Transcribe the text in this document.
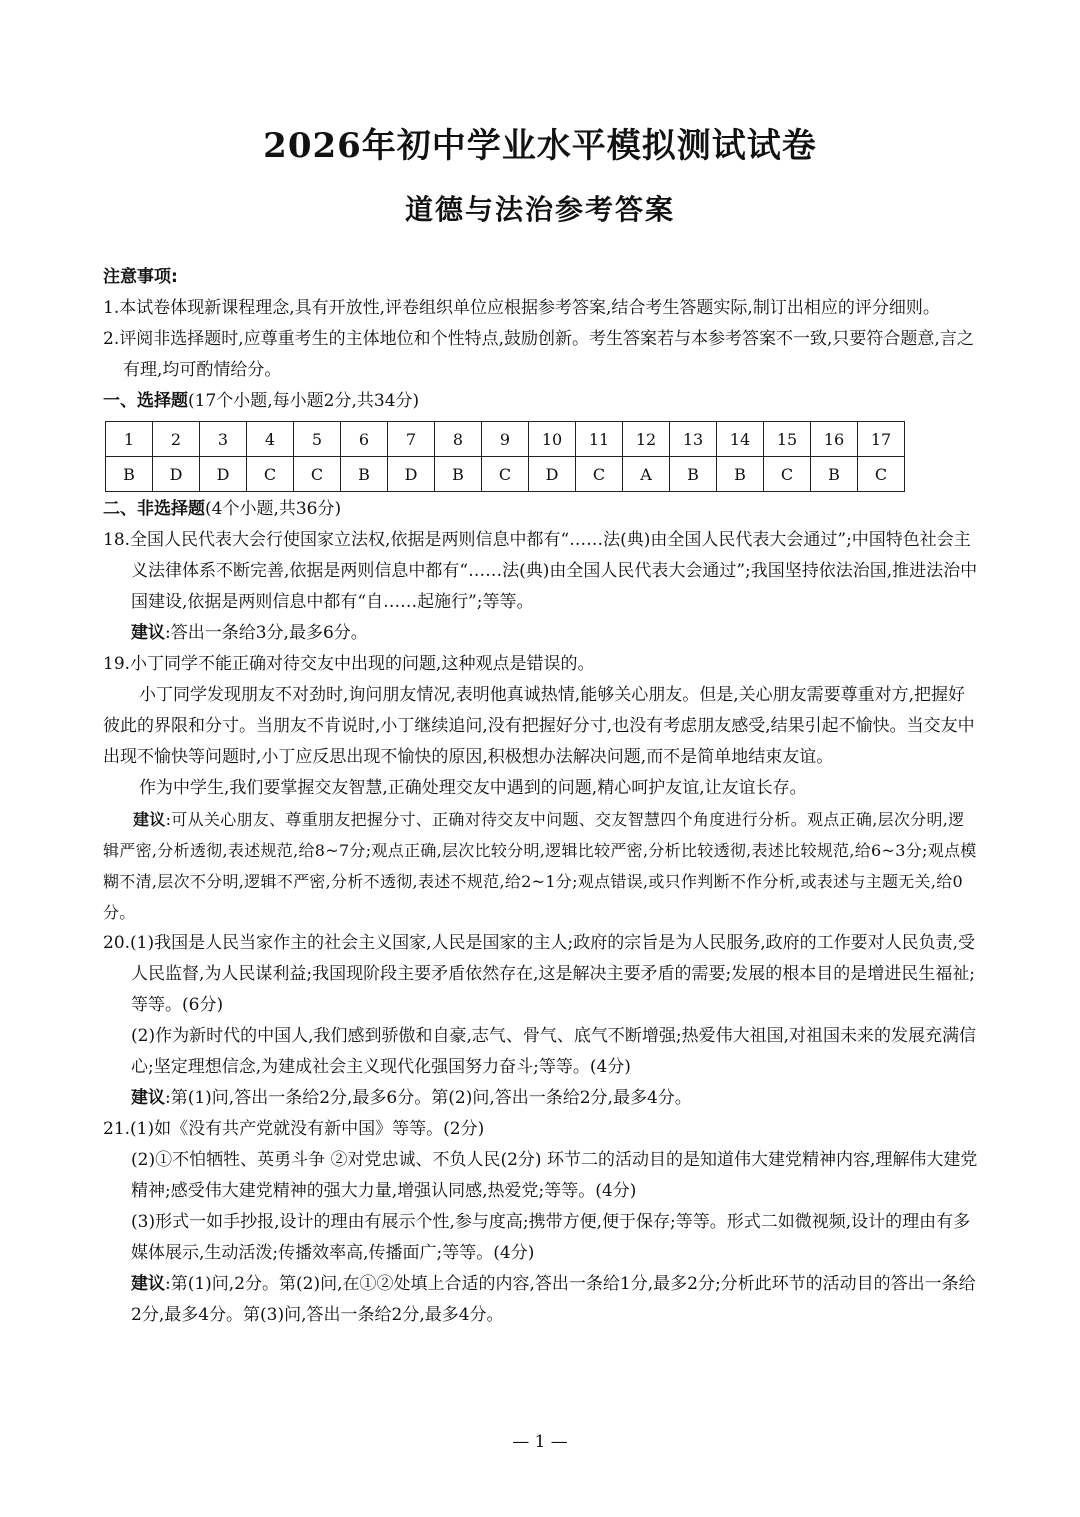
2026年初中学业水平模拟测试试卷
道德与法治参考答案

注意事项:

1.本试卷体现新课程理念,具有开放性,评卷组织单位应根据参考答案,结合考生答题实际,制订出相应的评分细则。

2.评阅非选择题时,应尊重考生的主体地位和个性特点,鼓励创新。考生答案若与本参考答案不一致,只要符合题意,言之有理,均可酌情给分。

一、选择题(17个小题,每小题2分,共34分)

1	2	3	4	5	6	7	8	9	10	11	12	13	14	15	16	17
B	D	D	C	C	B	D	B	C	D	C	A	B	B	C	B	C

二、非选择题(4个小题,共36分)

18.全国人民代表大会行使国家立法权,依据是两则信息中都有“……法(典)由全国人民代表大会通过”;中国特色社会主义法律体系不断完善,依据是两则信息中都有“……法(典)由全国人民代表大会通过”;我国坚持依法治国,推进法治中国建设,依据是两则信息中都有“自……起施行”;等等。

建议:答出一条给3分,最多6分。

19.小丁同学不能正确对待交友中出现的问题,这种观点是错误的。

小丁同学发现朋友不对劲时,询问朋友情况,表明他真诚热情,能够关心朋友。但是,关心朋友需要尊重对方,把握好彼此的界限和分寸。当朋友不肯说时,小丁继续追问,没有把握好分寸,也没有考虑朋友感受,结果引起不愉快。当交友中出现不愉快等问题时,小丁应反思出现不愉快的原因,积极想办法解决问题,而不是简单地结束友谊。

作为中学生,我们要掌握交友智慧,正确处理交友中遇到的问题,精心呵护友谊,让友谊长存。

建议:可从关心朋友、尊重朋友把握分寸、正确对待交友中问题、交友智慧四个角度进行分析。观点正确,层次分明,逻辑严密,分析透彻,表述规范,给8~7分;观点正确,层次比较分明,逻辑比较严密,分析比较透彻,表述比较规范,给6~3分;观点模糊不清,层次不分明,逻辑不严密,分析不透彻,表述不规范,给2~1分;观点错误,或只作判断不作分析,或表述与主题无关,给0分。

20.(1)我国是人民当家作主的社会主义国家,人民是国家的主人;政府的宗旨是为人民服务,政府的工作要对人民负责,受人民监督,为人民谋利益;我国现阶段主要矛盾依然存在,这是解决主要矛盾的需要;发展的根本目的是增进民生福祉;等等。(6分)

(2)作为新时代的中国人,我们感到骄傲和自豪,志气、骨气、底气不断增强;热爱伟大祖国,对祖国未来的发展充满信心;坚定理想信念,为建成社会主义现代化强国努力奋斗;等等。(4分)

建议:第(1)问,答出一条给2分,最多6分。第(2)问,答出一条给2分,最多4分。

21.(1)如《没有共产党就没有新中国》等等。(2分)

(2)①不怕牺牲、英勇斗争 ②对党忠诚、不负人民(2分) 环节二的活动目的是知道伟大建党精神内容,理解伟大建党精神;感受伟大建党精神的强大力量,增强认同感,热爱党;等等。(4分)

(3)形式一如手抄报,设计的理由有展示个性,参与度高;携带方便,便于保存;等等。形式二如微视频,设计的理由有多媒体展示,生动活泼;传播效率高,传播面广;等等。(4分)

建议:第(1)问,2分。第(2)问,在①②处填上合适的内容,答出一条给1分,最多2分;分析此环节的活动目的答出一条给2分,最多4分。第(3)问,答出一条给2分,最多4分。

— 1 —
